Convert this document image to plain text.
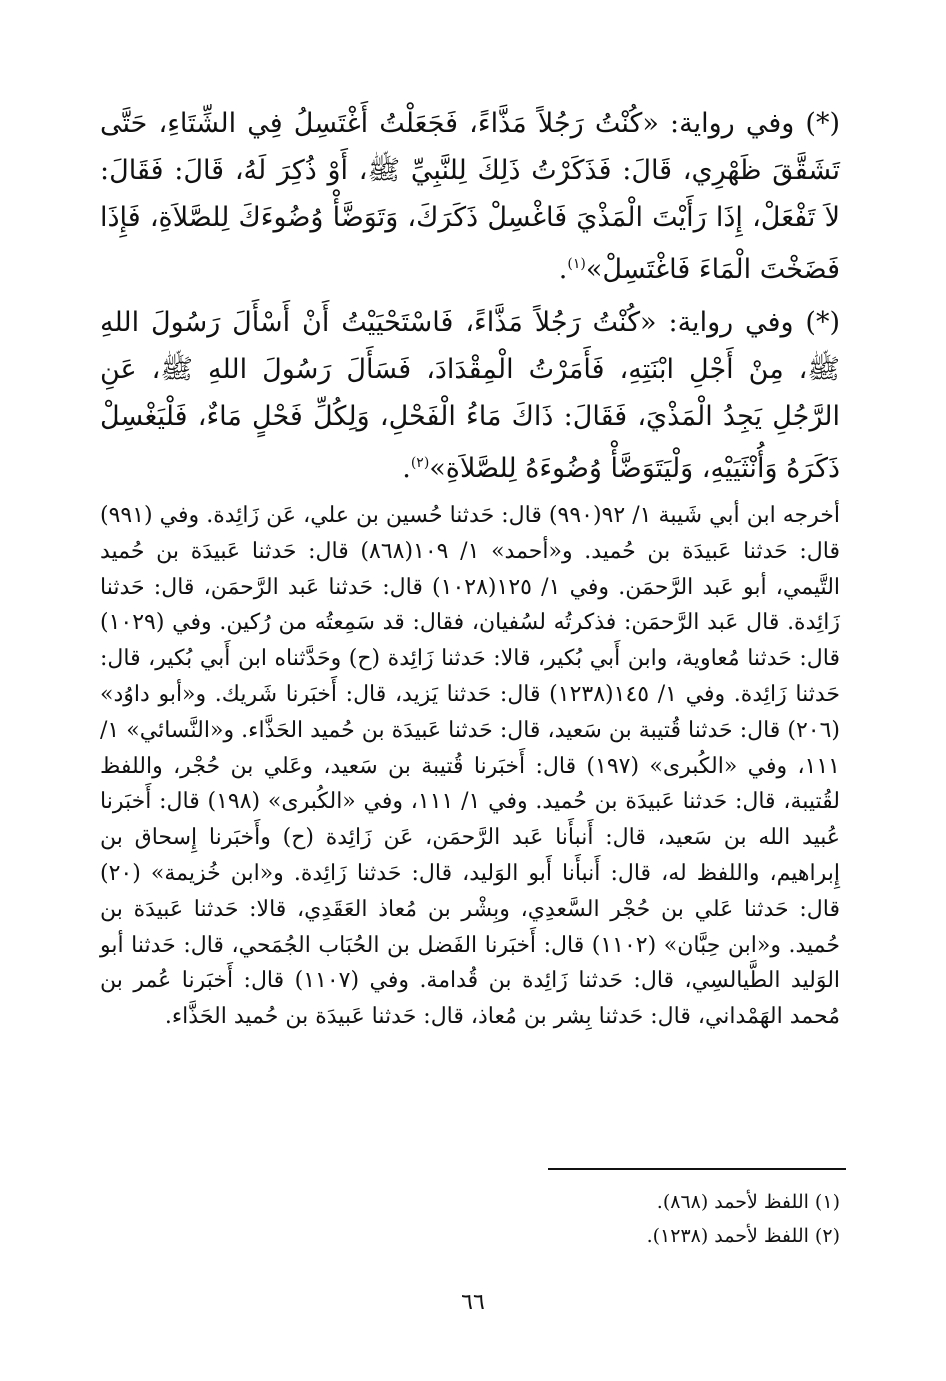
(*) وفي رواية: «كُنْتُ رَجُلاً مَذَّاءً، فَجَعَلْتُ أَغْتَسِلُ فِي الشِّتَاءِ، حَتَّى تَشَقَّقَ ظَهْرِي، قَالَ: فَذَكَرْتُ ذَلِكَ لِلنَّبِيِّ ﷺ، أَوْ ذُكِرَ لَهُ، قَالَ: فَقَالَ: لاَ تَفْعَلْ، إِذَا رَأَيْتَ الْمَذْيَ فَاغْسِلْ ذَكَرَكَ، وَتَوَضَّأْ وُضُوءَكَ لِلصَّلاَةِ، فَإِذَا فَضَخْتَ الْمَاءَ فَاغْتَسِلْ»$^{(١)}$.

(*) وفي رواية: «كُنْتُ رَجُلاً مَذَّاءً، فَاسْتَحْيَيْتُ أَنْ أَسْأَلَ رَسُولَ اللهِ ﷺ، مِنْ أَجْلِ ابْنَتِهِ، فَأَمَرْتُ الْمِقْدَادَ، فَسَأَلَ رَسُولَ اللهِ ﷺ، عَنِ الرَّجُلِ يَجِدُ الْمَذْيَ، فَقَالَ: ذَاكَ مَاءُ الْفَحْلِ، وَلِكُلِّ فَحْلٍ مَاءٌ، فَلْيَغْسِلْ ذَكَرَهُ وَأُنْثَيَيْهِ، وَلْيَتَوَضَّأْ وُضُوءَهُ لِلصَّلاَةِ»$^{(٢)}$.

أخرجه ابن أبي شَيبة ١/ ٩٢(٩٩٠) قال: حَدثنا حُسين بن علي، عَن زَائِدة. وفي (٩٩١) قال: حَدثنا عَبيدَة بن حُميد. و«أحمد» ١/ ١٠٩(٨٦٨) قال: حَدثنا عَبيدَة بن حُميد التَّيمي، أبو عَبد الرَّحمَن. وفي ١/ ١٢٥(١٠٢٨) قال: حَدثنا عَبد الرَّحمَن، قال: حَدثنا زَائِدة. قال عَبد الرَّحمَن: فذكرتُه لسُفيان، فقال: قد سَمِعتُه من رُكين. وفي (١٠٢٩) قال: حَدثنا مُعاوية، وابن أَبي بُكير، قالا: حَدثنا زَائِدة (ح) وحَدَّثناه ابن أَبي بُكير، قال: حَدثنا زَائِدة. وفي ١/ ١٤٥(١٢٣٨) قال: حَدثنا يَزيد، قال: أَخبَرنا شَريك. و«أبو داوُد» (٢٠٦) قال: حَدثنا قُتيبة بن سَعيد، قال: حَدثنا عَبيدَة بن حُميد الحَذَّاء. و«النَّسائي» ١/ ١١١، وفي «الكُبرى» (١٩٧) قال: أَخبَرنا قُتيبة بن سَعيد، وعَلي بن حُجْر، واللفظ لقُتيبة، قال: حَدثنا عَبيدَة بن حُميد. وفي ١/ ١١١، وفي «الكُبرى» (١٩٨) قال: أَخبَرنا عُبيد الله بن سَعيد، قال: أَنبأَنا عَبد الرَّحمَن، عَن زَائِدة (ح) وأَخبَرنا إِسحاق بن إِبراهيم، واللفظ له، قال: أَنبأَنا أَبو الوَليد، قال: حَدثنا زَائِدة. و«ابن خُزيمة» (٢٠) قال: حَدثنا عَلي بن حُجْر السَّعدِي، وبِشْر بن مُعاذ العَقَدِي، قالا: حَدثنا عَبيدَة بن حُميد. و«ابن حِبَّان» (١١٠٢) قال: أَخبَرنا الفَضل بن الحُبَاب الجُمَحي، قال: حَدثنا أبو الوَليد الطَّيالسِي، قال: حَدثنا زَائِدة بن قُدامة. وفي (١١٠٧) قال: أَخبَرنا عُمر بن مُحمد الهَمْداني، قال: حَدثنا بِشر بن مُعاذ، قال: حَدثنا عَبيدَة بن حُميد الحَذَّاء.

(١) اللفظ لأحمد (٨٦٨).

(٢) اللفظ لأحمد (١٢٣٨).

٦٦
